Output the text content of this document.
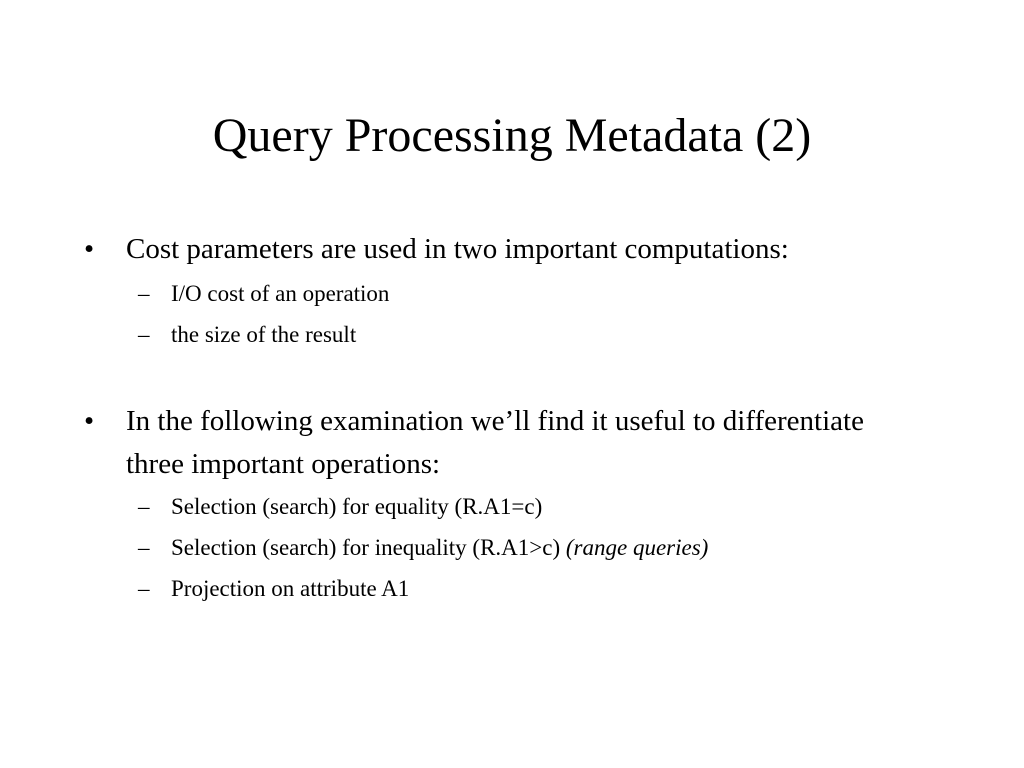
Query Processing Metadata (2)
•	Cost parameters are used in two important computations:
– I/O cost of an operation
– the size of the result
•	In the following examination we’ll find it useful to differentiate three important operations:
– Selection (search) for equality (R.A1=c)
– Selection (search) for inequality (R.A1>c) (range queries)
– Projection on attribute A1
